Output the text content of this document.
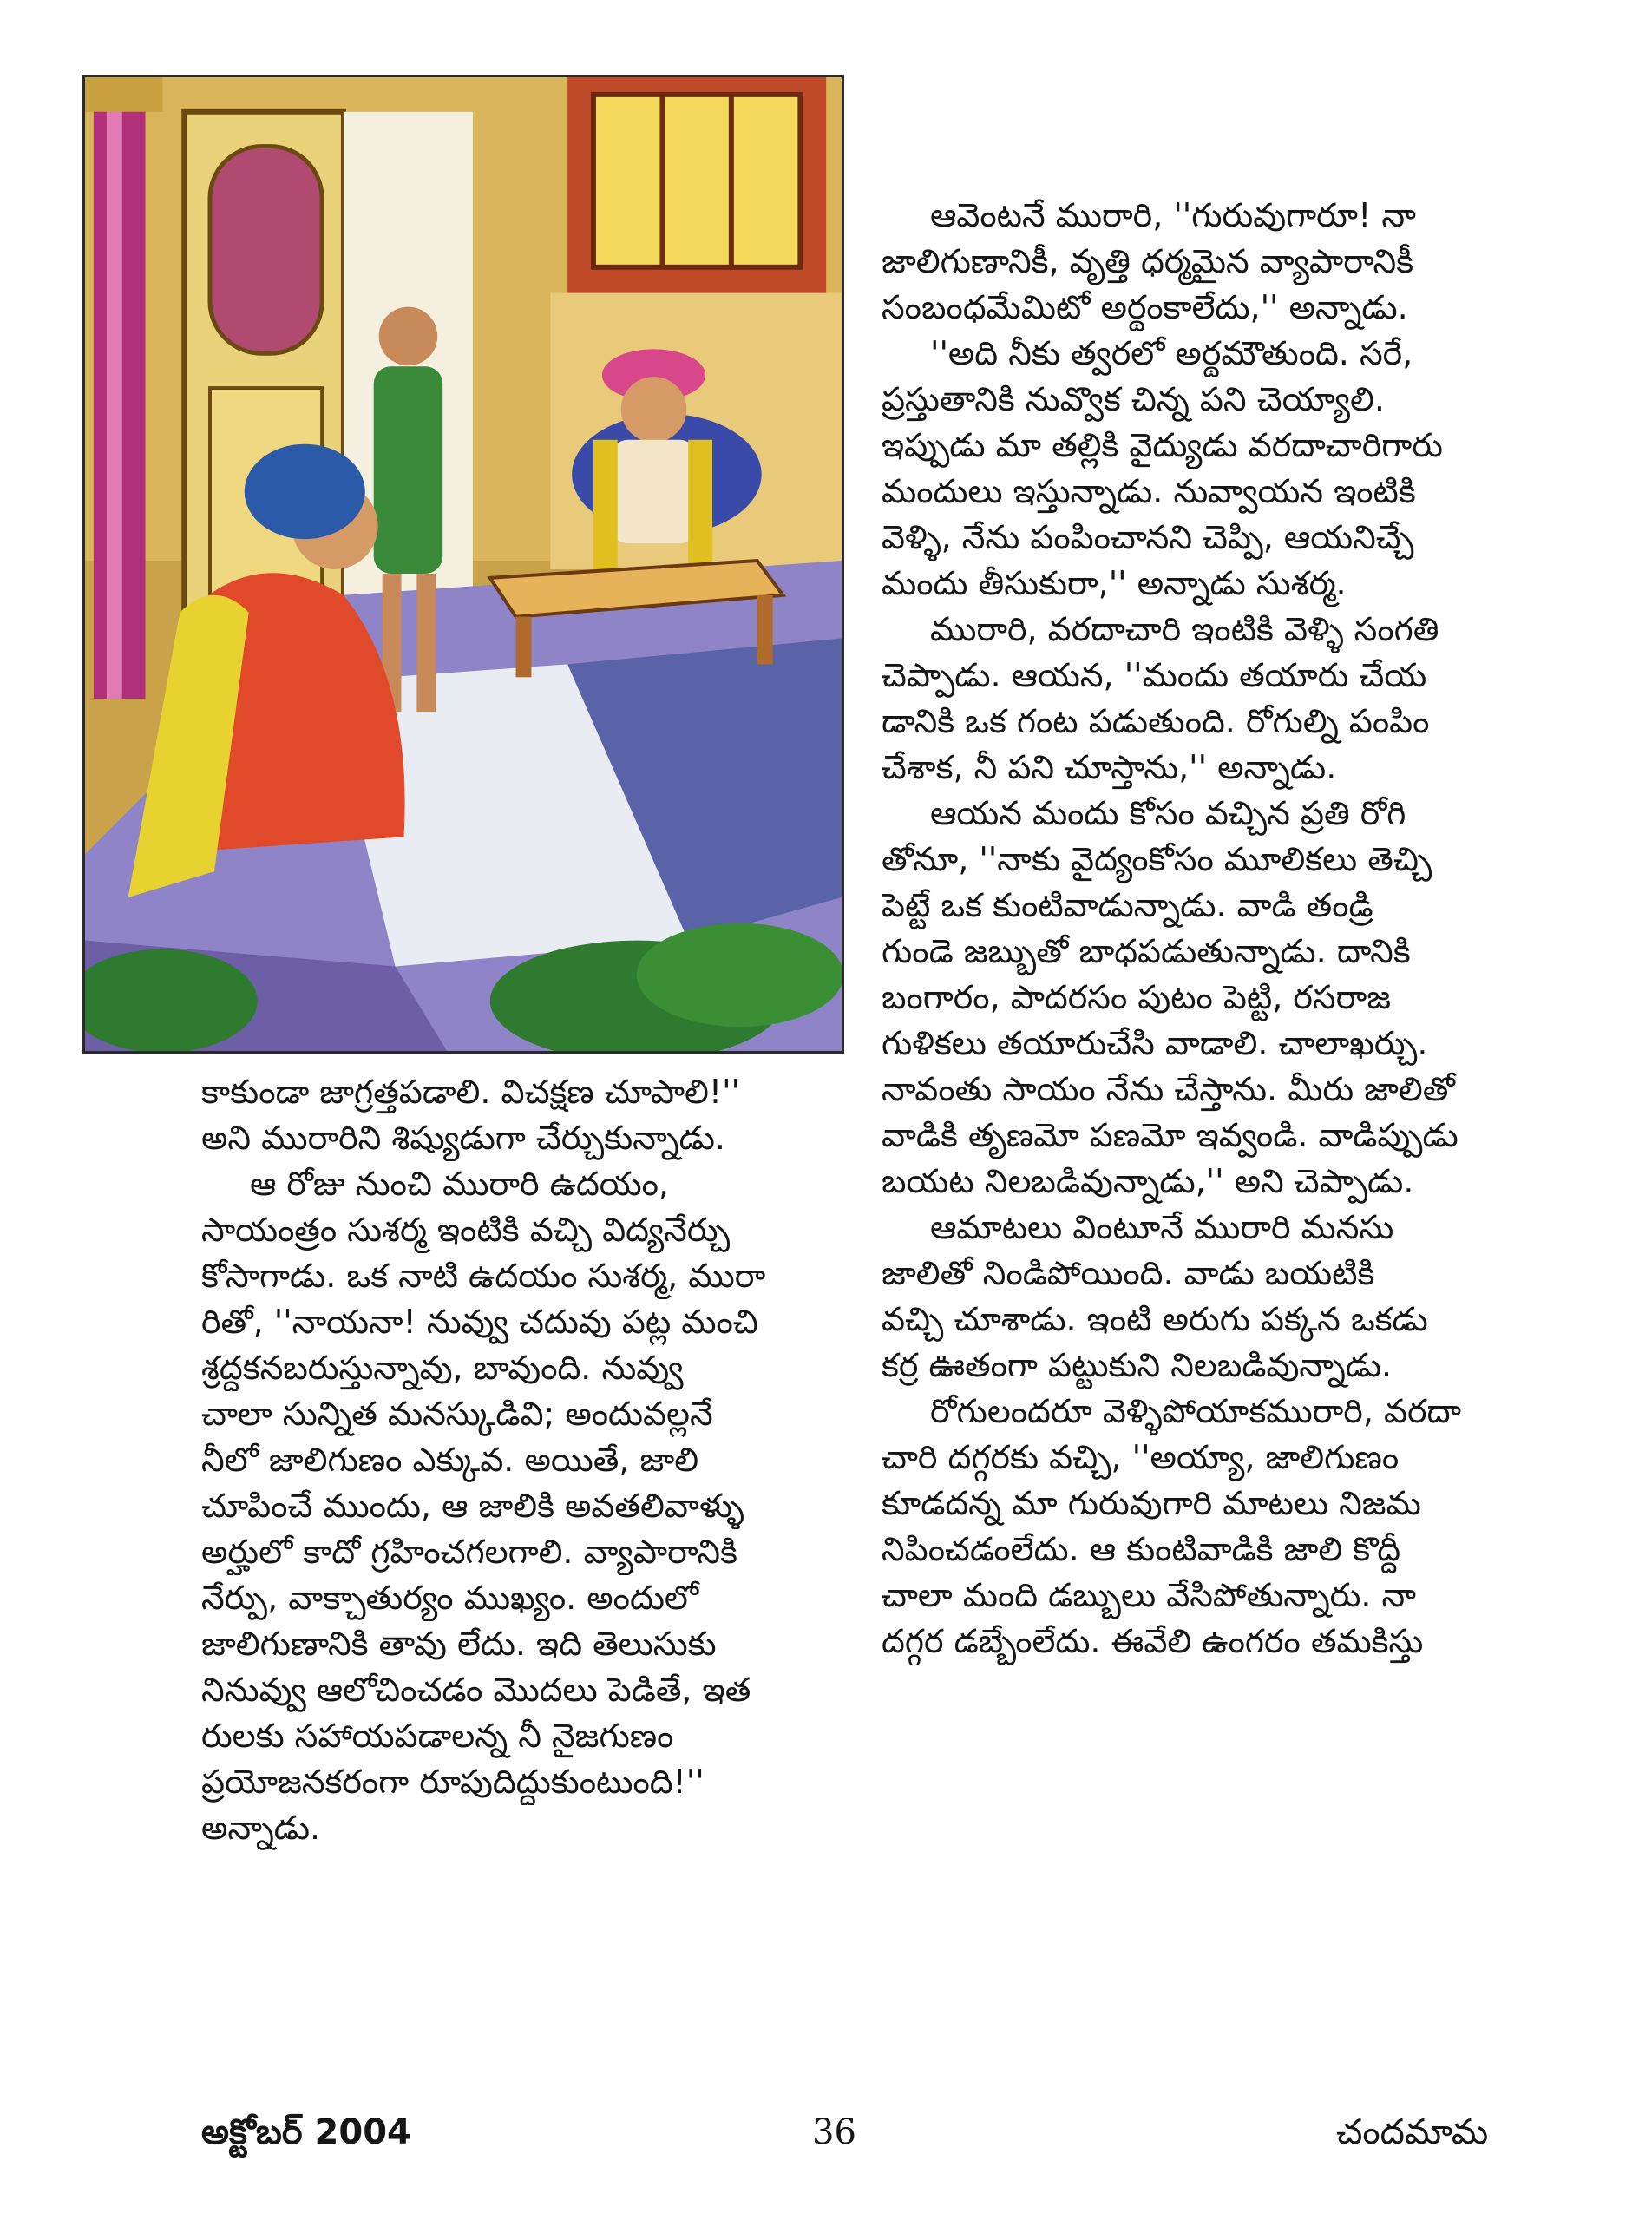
ఆవెంటనే మురారి, ''గురువుగారూ! నా

జాలిగుణానికీ, వృత్తి ధర్మమైన వ్యాపారానికీ

సంబంధమేమిటో అర్థంకాలేదు,'' అన్నాడు.

''అది నీకు త్వరలో అర్థమౌతుంది. సరే,

ప్రస్తుతానికి నువ్వొక చిన్న పని చెయ్యాలి.

ఇప్పుడు మా తల్లికి వైద్యుడు వరదాచారిగారు

మందులు ఇస్తున్నాడు. నువ్వాయన ఇంటికి

వెళ్ళి, నేను పంపించానని చెప్పి, ఆయనిచ్చే

మందు తీసుకురా,'' అన్నాడు సుశర్మ.

మురారి, వరదాచారి ఇంటికి వెళ్ళి సంగతి

చెప్పాడు. ఆయన, ''మందు తయారు చేయ

డానికి ఒక గంట పడుతుంది. రోగుల్ని పంపిం

చేశాక, నీ పని చూస్తాను,'' అన్నాడు.

ఆయన మందు కోసం వచ్చిన ప్రతి రోగి

తోనూ, ''నాకు వైద్యంకోసం మూలికలు తెచ్చి

పెట్టే ఒక కుంటివాడున్నాడు. వాడి తండ్రి

గుండె జబ్బుతో బాధపడుతున్నాడు. దానికి

బంగారం, పాదరసం పుటం పెట్టి, రసరాజ

గుళికలు తయారుచేసి వాడాలి. చాలాఖర్చు.

నావంతు సాయం నేను చేస్తాను. మీరు జాలితో

వాడికి తృణమో పణమో ఇవ్వండి. వాడిప్పుడు

బయట నిలబడివున్నాడు,'' అని చెప్పాడు.

ఆమాటలు వింటూనే మురారి మనసు

జాలితో నిండిపోయింది. వాడు బయటికి

వచ్చి చూశాడు. ఇంటి అరుగు పక్కన ఒకడు

కర్ర ఊతంగా పట్టుకుని నిలబడివున్నాడు.

రోగులందరూ వెళ్ళిపోయాకమురారి, వరదా

చారి దగ్గరకు వచ్చి, ''అయ్యా, జాలిగుణం

కూడదన్న మా గురువుగారి మాటలు నిజమ

నిపించడంలేదు. ఆ కుంటివాడికి జాలి కొద్దీ

చాలా మంది డబ్బులు వేసిపోతున్నారు. నా

దగ్గర డబ్బేంలేదు. ఈవేలి ఉంగరం తమకిస్తు

కాకుండా జాగ్రత్తపడాలి. విచక్షణ చూపాలి!''

అని మురారిని శిష్యుడుగా చేర్చుకున్నాడు.

ఆ రోజు నుంచి మురారి ఉదయం,

సాయంత్రం సుశర్మ ఇంటికి వచ్చి విద్యనేర్చు

కోసాగాడు. ఒక నాటి ఉదయం సుశర్మ, మురా

రితో, ''నాయనా! నువ్వు చదువు పట్ల మంచి

శ్రద్ధకనబరుస్తున్నావు, బావుంది. నువ్వు

చాలా సున్నిత మనస్కుడివి; అందువల్లనే

నీలో జాలిగుణం ఎక్కువ. అయితే, జాలి

చూపించే ముందు, ఆ జాలికి అవతలివాళ్ళు

అర్హులో కాదో గ్రహించగలగాలి. వ్యాపారానికి

నేర్పు, వాక్చాతుర్యం ముఖ్యం. అందులో

జాలిగుణానికి తావు లేదు. ఇది తెలుసుకు

నినువ్వు ఆలోచించడం మొదలు పెడితే, ఇత

రులకు సహాయపడాలన్న నీ నైజగుణం

ప్రయోజనకరంగా రూపుదిద్దుకుంటుంది!''

అన్నాడు.

అక్టోబర్ 2004	36	చందమామ
